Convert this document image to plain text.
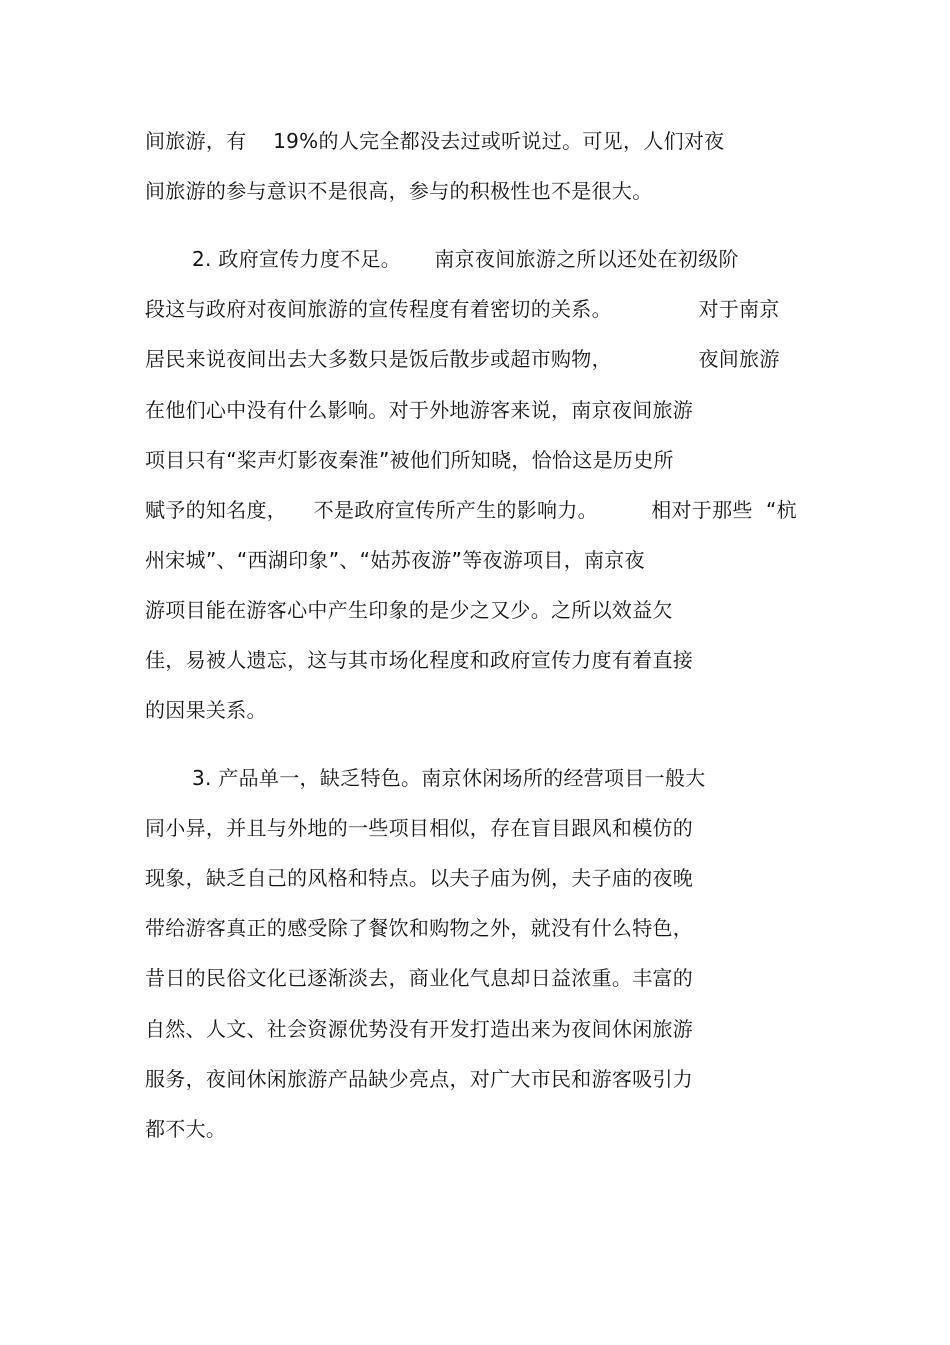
间旅游，有    19%的人完全都没去过或听说过。可见，人们对夜
间旅游的参与意识不是很高，参与的积极性也不是很大。
2. 政府宣传力度不足。     南京夜间旅游之所以还处在初级阶
段这与政府对夜间旅游的宣传程度有着密切的关系。             对于南京
居民来说夜间出去大多数只是饭后散步或超市购物，             夜间旅游
在他们心中没有什么影响。对于外地游客来说，南京夜间旅游
项目只有“桨声灯影夜秦淮”被他们所知晓，恰恰这是历史所
赋予的知名度，    不是政府宣传所产生的影响力。        相对于那些  “杭
州宋城”、“西湖印象”、“姑苏夜游”等夜游项目，南京夜
游项目能在游客心中产生印象的是少之又少。之所以效益欠
佳，易被人遗忘，这与其市场化程度和政府宣传力度有着直接
的因果关系。
3. 产品单一，缺乏特色。南京休闲场所的经营项目一般大
同小异，并且与外地的一些项目相似，存在盲目跟风和模仿的
现象，缺乏自己的风格和特点。以夫子庙为例，夫子庙的夜晚
带给游客真正的感受除了餐饮和购物之外，就没有什么特色，
昔日的民俗文化已逐渐淡去，商业化气息却日益浓重。丰富的
自然、人文、社会资源优势没有开发打造出来为夜间休闲旅游
服务，夜间休闲旅游产品缺少亮点，对广大市民和游客吸引力
都不大。
